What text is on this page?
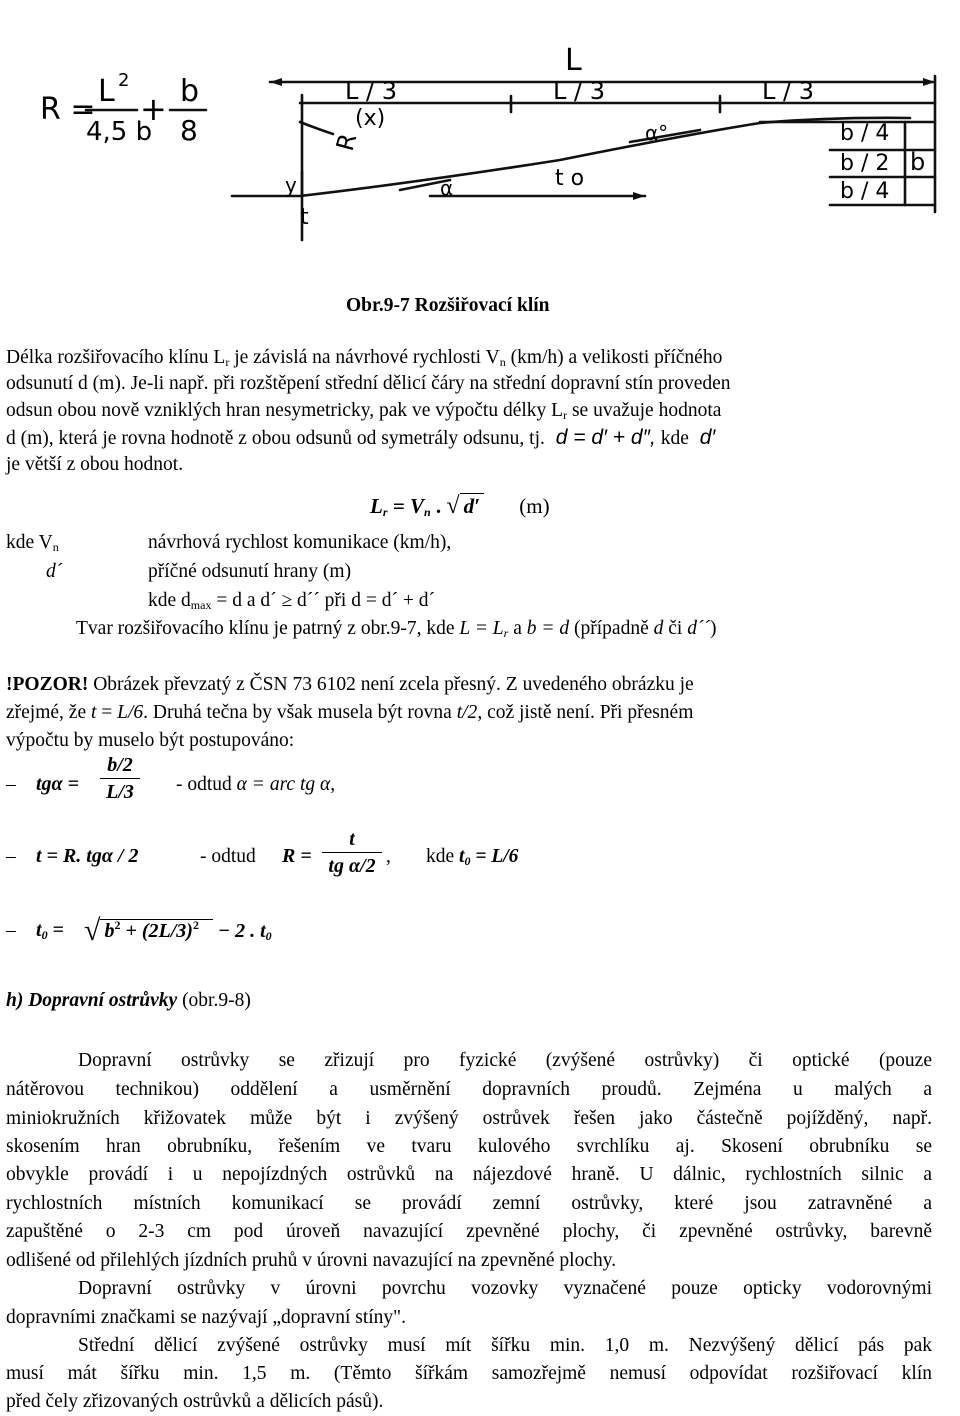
R =
L 2
4,5 b
+ b
8
L
L / 3
(x)
L / 3	L / 3
R	α°	b / 4
b / 2
b / 4
b
y
t
α	t o
Obr.9-7 Rozšiřovací klín
Délka rozšiřovacího klínu $L_r$ je závislá na návrhové rychlosti $V_n$ (km/h) a velikosti příčného
odsunutí d (m). Je-li např. při rozštěpení střední dělicí čáry na střední dopravní stín proveden
odsun obou nově vzniklých hran nesymetricky, pak ve výpočtu délky $L_r$ se uvažuje hodnota
d (m), která je rovna hodnotě z obou odsunů od symetrály odsunu, tj. d = d′ + d″, kde d′
je větší z obou hodnot.
$L_r = V_n$ . √ d′ (m)
kde $V_n$	návrhová rychlost komunikace (km/h),
d´	příčné odsunutí hrany (m)
kde $d_{max} = d$ a d´ ≥ d´´ při d = d´ + d´
Tvar rozšiřovacího klínu je patrný z obr.9-7, kde $L = L_r$ a b = d (případně d či d´´)
!POZOR! Obrázek převzatý z ČSN 73 6102 není zcela přesný. Z uvedeného obrázku je
zřejmé, že t = L/6. Druhá tečna by však musela být rovna t/2, což jistě není. Při přesném
výpočtu by muselo být postupováno:
– tgα =
b/2
L/3	- odtud α = arc tg α,
– t = R. tgα / 2	- odtud R =
t
tg α/2 , kde $t_0 = L/6$
– $t_0$ = √ $b^2 + (2L/3)^2 - 2$ . $t_0$
h) Dopravní ostrůvky (obr.9-8)
Dopravní ostrůvky se zřizují pro fyzické (zvýšené ostrůvky) či optické (pouze
nátěrovou technikou) oddělení a usměrnění dopravních proudů. Zejména u malých a
miniokružních křižovatek může být i zvýšený ostrůvek řešen jako částečně pojížděný, např.
skosením hran obrubníku, řešením ve tvaru kulového svrchlíku aj. Skosení obrubníku se
obvykle provádí i u nepojízdných ostrůvků na nájezdové hraně. U dálnic, rychlostních silnic a
rychlostních místních komunikací se provádí zemní ostrůvky, které jsou zatravněné a
zapuštěné o 2-3 cm pod úroveň navazující zpevněné plochy, či zpevněné ostrůvky, barevně
odlišené od přilehlých jízdních pruhů v úrovni navazující na zpevněné plochy.
Dopravní ostrůvky v úrovni povrchu vozovky vyznačené pouze opticky vodorovnými
dopravními značkami se nazývají „dopravní stíny".
Střední dělicí zvýšené ostrůvky musí mít šířku min. 1,0 m. Nezvýšený dělicí pás pak
musí mát šířku min. 1,5 m. (Těmto šířkám samozřejmě nemusí odpovídat rozšiřovací klín
před čely zřizovaných ostrůvků a dělicích pásů).
